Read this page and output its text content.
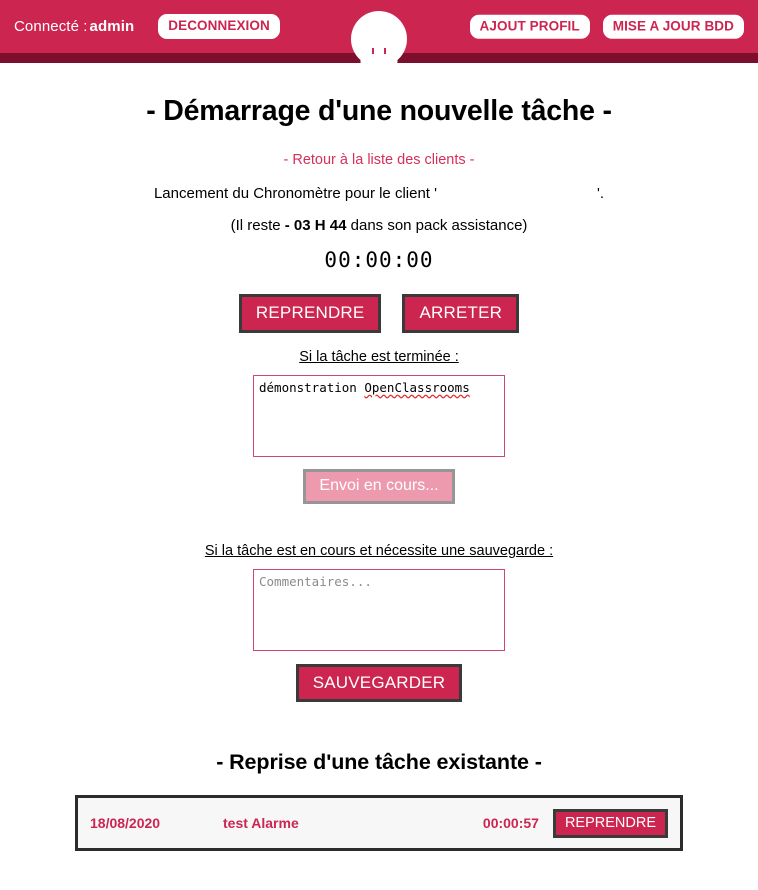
Connecté : admin	DECONNEXION	AJOUT PROFIL	MISE A JOUR BDD
- Démarrage d'une nouvelle tâche -
- Retour à la liste des clients -
Lancement du Chronomètre pour le client '	'.
(Il reste - 03 H 44 dans son pack assistance)
00:00:00
REPRENDRE	ARRETER
Si la tâche est terminée :
démonstration OpenClassrooms
Envoi en cours...
Si la tâche est en cours et nécessite une sauvegarde :
Commentaires...
SAUVEGARDER
- Reprise d'une tâche existante -
18/08/2020	test Alarme	00:00:57	REPRENDRE
